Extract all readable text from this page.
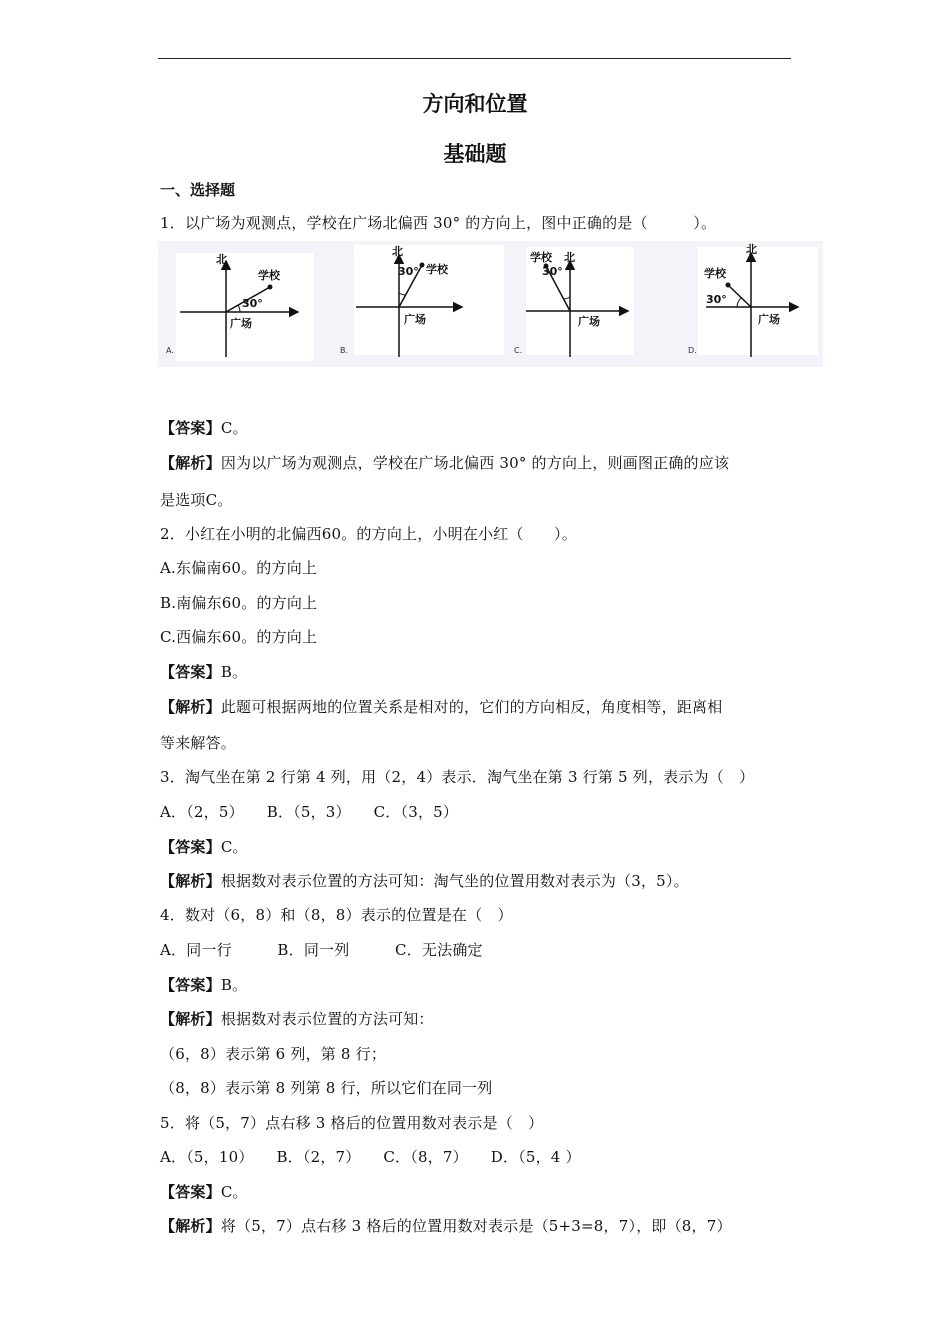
方向和位置
基础题
一、选择题
1．以广场为观测点，学校在广场北偏西 30° 的方向上，图中正确的是（　　　）。
北
学校
30°
广场
A.
北
学校
30°
广场
B.
学校 北
30°
广场
C.
北
学校
30°
广场
D.
【答案】C。
【解析】因为以广场为观测点，学校在广场北偏西 30° 的方向上，则画图正确的应该
是选项C。
2．小红在小明的北偏西60。的方向上，小明在小红（　　）。
A.东偏南60。的方向上
B.南偏东60。的方向上
C.西偏东60。的方向上
【答案】B。
【解析】此题可根据两地的位置关系是相对的，它们的方向相反，角度相等，距离相
等来解答。
3．淘气坐在第 2 行第 4 列，用（2，4）表示．淘气坐在第 3 行第 5 列，表示为（　）
A．（2，5）　　B．（5，3）　　C．（3，5）
【答案】C。
【解析】根据数对表示位置的方法可知：淘气坐的位置用数对表示为（3，5）。
4．数对（6，8）和（8，8）表示的位置是在（　）
A．同一行　　　B．同一列　　　C．无法确定
【答案】B。
【解析】根据数对表示位置的方法可知：
（6，8）表示第 6 列，第 8 行；
（8，8）表示第 8 列第 8 行，所以它们在同一列
5．将（5，7）点右移 3 格后的位置用数对表示是（　）
A．（5，10）　　B．（2，7）　　C．（8，7）　　D．（5，4 ）
【答案】C。
【解析】将（5，7）点右移 3 格后的位置用数对表示是（5+3=8，7），即（8，7）
